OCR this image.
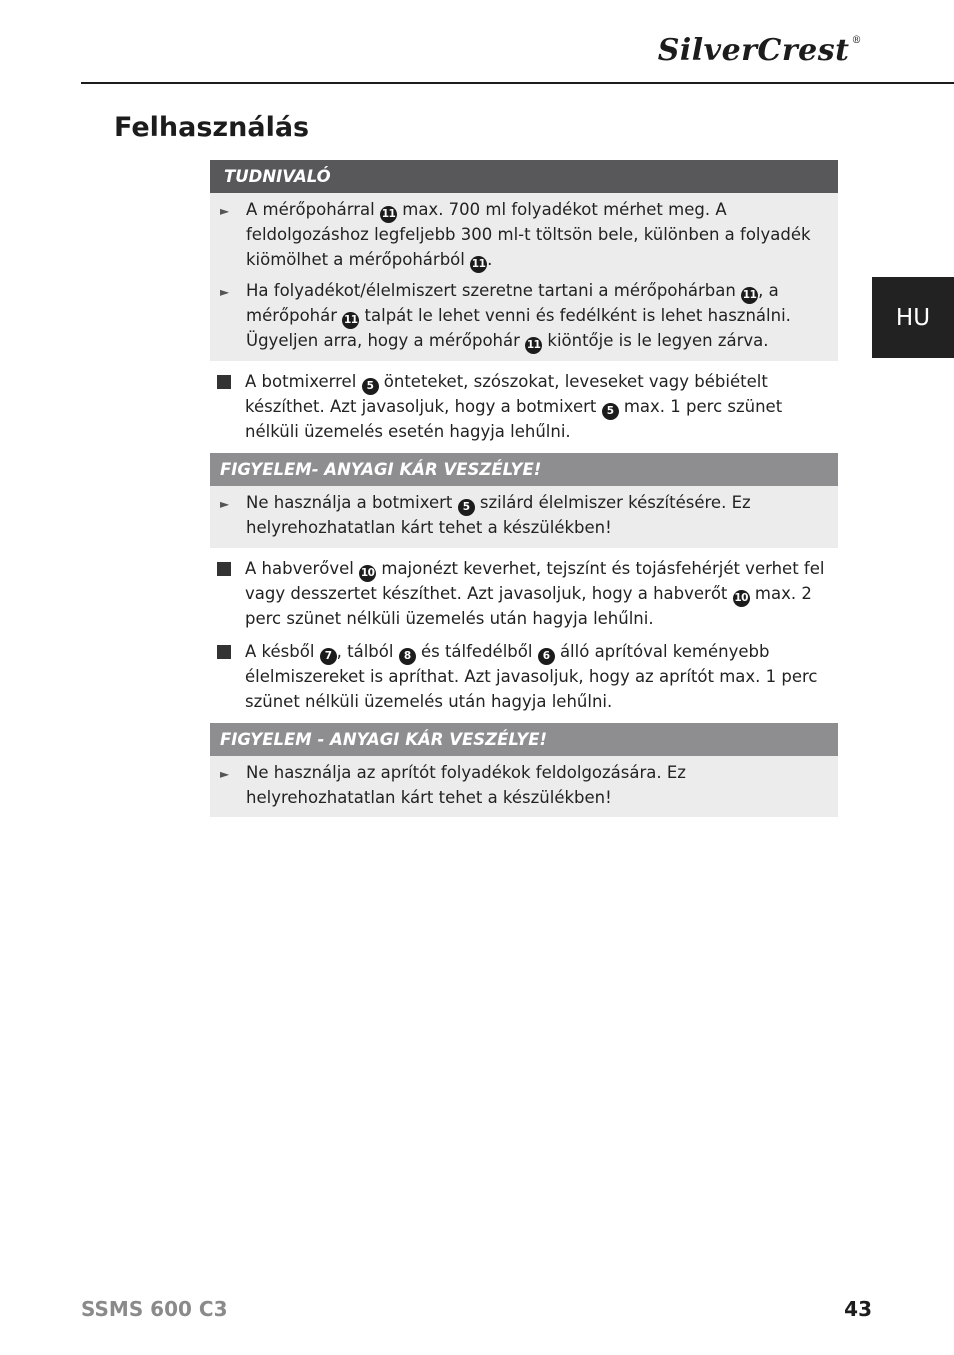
SilverCrest ®
Felhasználás
HU
TUDNIVALÓ
►	A mérőpohárral 11 max. 700 ml folyadékot mérhet meg. A feldolgozáshoz legfeljebb 300 ml-t töltsön bele, különben a folyadék kiömölhet a mérőpohárból 11 .
►	Ha folyadékot/élelmiszert szeretne tartani a mérőpohárban 11 , a mérőpohár 11 talpát le lehet venni és fedélként is lehet használni. Ügyeljen arra, hogy a mérőpohár 11 kiöntője is le legyen zárva.
A botmixerrel 5 önteteket, szószokat, leveseket vagy bébiételt készíthet. Azt javasoljuk, hogy a botmixert 5 max. 1 perc szünet nélküli üzemelés esetén hagyja lehűlni.
FIGYELEM- ANYAGI KÁR VESZÉLYE!
►	Ne használja a botmixert 5 szilárd élelmiszer készítésére. Ez helyrehozhatatlan kárt tehet a készülékben!
A habverővel 10 majonézt keverhet, tejszínt és tojásfehérjét verhet fel vagy desszertet készíthet. Azt javasoljuk, hogy a habverőt 10 max. 2 perc szünet nélküli üzemelés után hagyja lehűlni.
A késből 7 , tálból 8 és tálfedélből 6 álló aprítóval keményebb élelmiszereket is apríthat. Azt javasoljuk, hogy az aprítót max. 1 perc szünet nélküli üzemelés után hagyja lehűlni.
FIGYELEM - ANYAGI KÁR VESZÉLYE!
►	Ne használja az aprítót folyadékok feldolgozására. Ez helyrehozhatatlan kárt tehet a készülékben!
SSMS 600 C3	43
